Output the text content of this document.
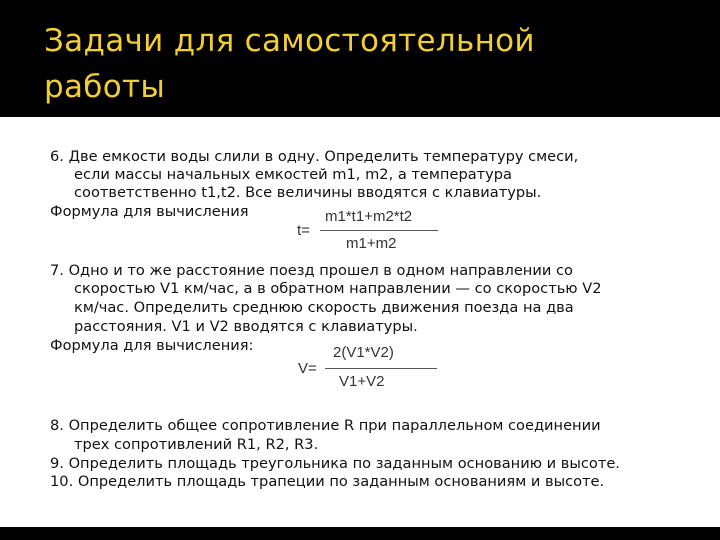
Задачи для самостоятельной
работы
6. Две емкости воды слили в одну. Определить температуру смеси,
если массы начальных емкостей m1, m2, а температура
соответственно t1,t2. Все величины вводятся с клавиатуры.
Формула для вычисления
t=
m1*t1+m2*t2
m1+m2
7. Одно и то же расстояние поезд прошел в одном направлении со
скоростью V1 км/час, а в обратном направлении — со скоростью V2
км/час. Определить среднюю скорость движения поезда на два
расстояния. V1 и V2 вводятся с клавиатуры.
Формула для вычисления:
V=
2(V1*V2)
V1+V2
8. Определить общее сопротивление R при параллельном соединении
трех сопротивлений R1, R2, R3.
9. Определить площадь треугольника по заданным основанию и высоте.
10. Определить площадь трапеции по заданным основаниям и высоте.
